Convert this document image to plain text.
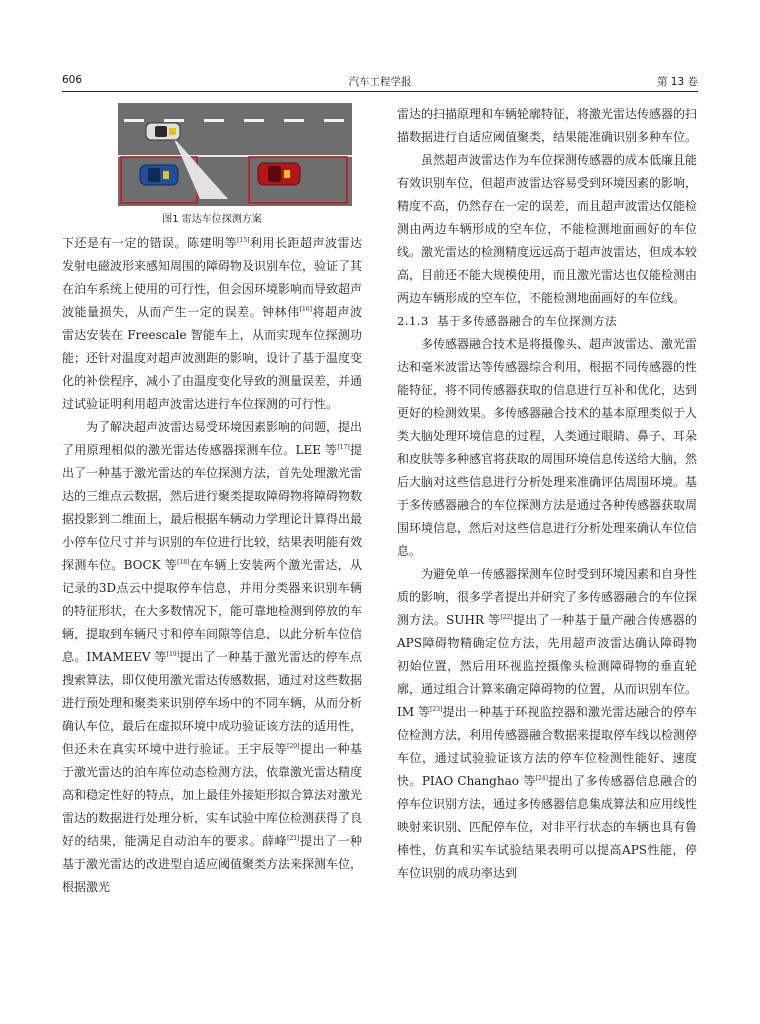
606	汽车工程学报	第 13 卷
图1 雷达车位探测方案

下还是有一定的错误。陈建明等[15]利用长距超声波雷达发射电磁波形来感知周围的障碍物及识别车位，验证了其在泊车系统上使用的可行性，但会因环境影响而导致超声波能量损失，从而产生一定的误差。钟林伟[16]将超声波雷达安装在 Freescale 智能车上，从而实现车位探测功能；还针对温度对超声波测距的影响，设计了基于温度变化的补偿程序，减小了由温度变化导致的测量误差，并通过试验证明利用超声波雷达进行车位探测的可行性。

为了解决超声波雷达易受环境因素影响的问题，提出了用原理相似的激光雷达传感器探测车位。LEE 等[17]提出了一种基于激光雷达的车位探测方法，首先处理激光雷达的三维点云数据，然后进行聚类提取障碍物将障碍物数据投影到二维面上，最后根据车辆动力学理论计算得出最小停车位尺寸并与识别的车位进行比较，结果表明能有效探测车位。BOCK 等[18]在车辆上安装两个激光雷达，从记录的3D点云中提取停车信息，并用分类器来识别车辆的特征形状，在大多数情况下，能可靠地检测到停放的车辆，提取到车辆尺寸和停车间隙等信息，以此分析车位信息。IMAMEEV 等[19]提出了一种基于激光雷达的停车点搜索算法，即仅使用激光雷达传感数据，通过对这些数据进行预处理和聚类来识别停车场中的不同车辆，从而分析确认车位，最后在虚拟环境中成功验证该方法的适用性，但还未在真实环境中进行验证。王宇辰等[20]提出一种基于激光雷达的泊车库位动态检测方法，依靠激光雷达精度高和稳定性好的特点，加上最佳外接矩形拟合算法对激光雷达的数据进行处理分析，实车试验中库位检测获得了良好的结果，能满足自动泊车的要求。薛峰[21]提出了一种基于激光雷达的改进型自适应阈值聚类方法来探测车位，根据激光

雷达的扫描原理和车辆轮廓特征，将激光雷达传感器的扫描数据进行自适应阈值聚类，结果能准确识别多种车位。

虽然超声波雷达作为车位探测传感器的成本低廉且能有效识别车位，但超声波雷达容易受到环境因素的影响，精度不高，仍然存在一定的误差，而且超声波雷达仅能检测由两边车辆形成的空车位，不能检测地面画好的车位线。激光雷达的检测精度远远高于超声波雷达，但成本较高，目前还不能大规模使用，而且激光雷达也仅能检测由两边车辆形成的空车位，不能检测地面画好的车位线。

2.1.3 基于多传感器融合的车位探测方法

多传感器融合技术是将摄像头、超声波雷达、激光雷达和毫米波雷达等传感器综合利用，根据不同传感器的性能特征，将不同传感器获取的信息进行互补和优化，达到更好的检测效果。多传感器融合技术的基本原理类似于人类大脑处理环境信息的过程，人类通过眼睛、鼻子、耳朵和皮肤等多种感官将获取的周围环境信息传送给大脑，然后大脑对这些信息进行分析处理来准确评估周围环境。基于多传感器融合的车位探测方法是通过各种传感器获取周围环境信息，然后对这些信息进行分析处理来确认车位信息。

为避免单一传感器探测车位时受到环境因素和自身性质的影响，很多学者提出并研究了多传感器融合的车位探测方法。SUHR 等[22]提出了一种基于量产融合传感器的 APS障碍物精确定位方法，先用超声波雷达确认障碍物初始位置，然后用环视监控摄像头检测障碍物的垂直轮廓，通过组合计算来确定障碍物的位置，从而识别车位。IM 等[23]提出一种基于环视监控器和激光雷达融合的停车位检测方法，利用传感器融合数据来提取停车线以检测停车位，通过试验验证该方法的停车位检测性能好、速度快。PIAO Changhao 等[24]提出了多传感器信息融合的停车位识别方法，通过多传感器信息集成算法和应用线性映射来识别、匹配停车位，对非平行状态的车辆也具有鲁棒性，仿真和实车试验结果表明可以提高APS性能，停车位识别的成功率达到
